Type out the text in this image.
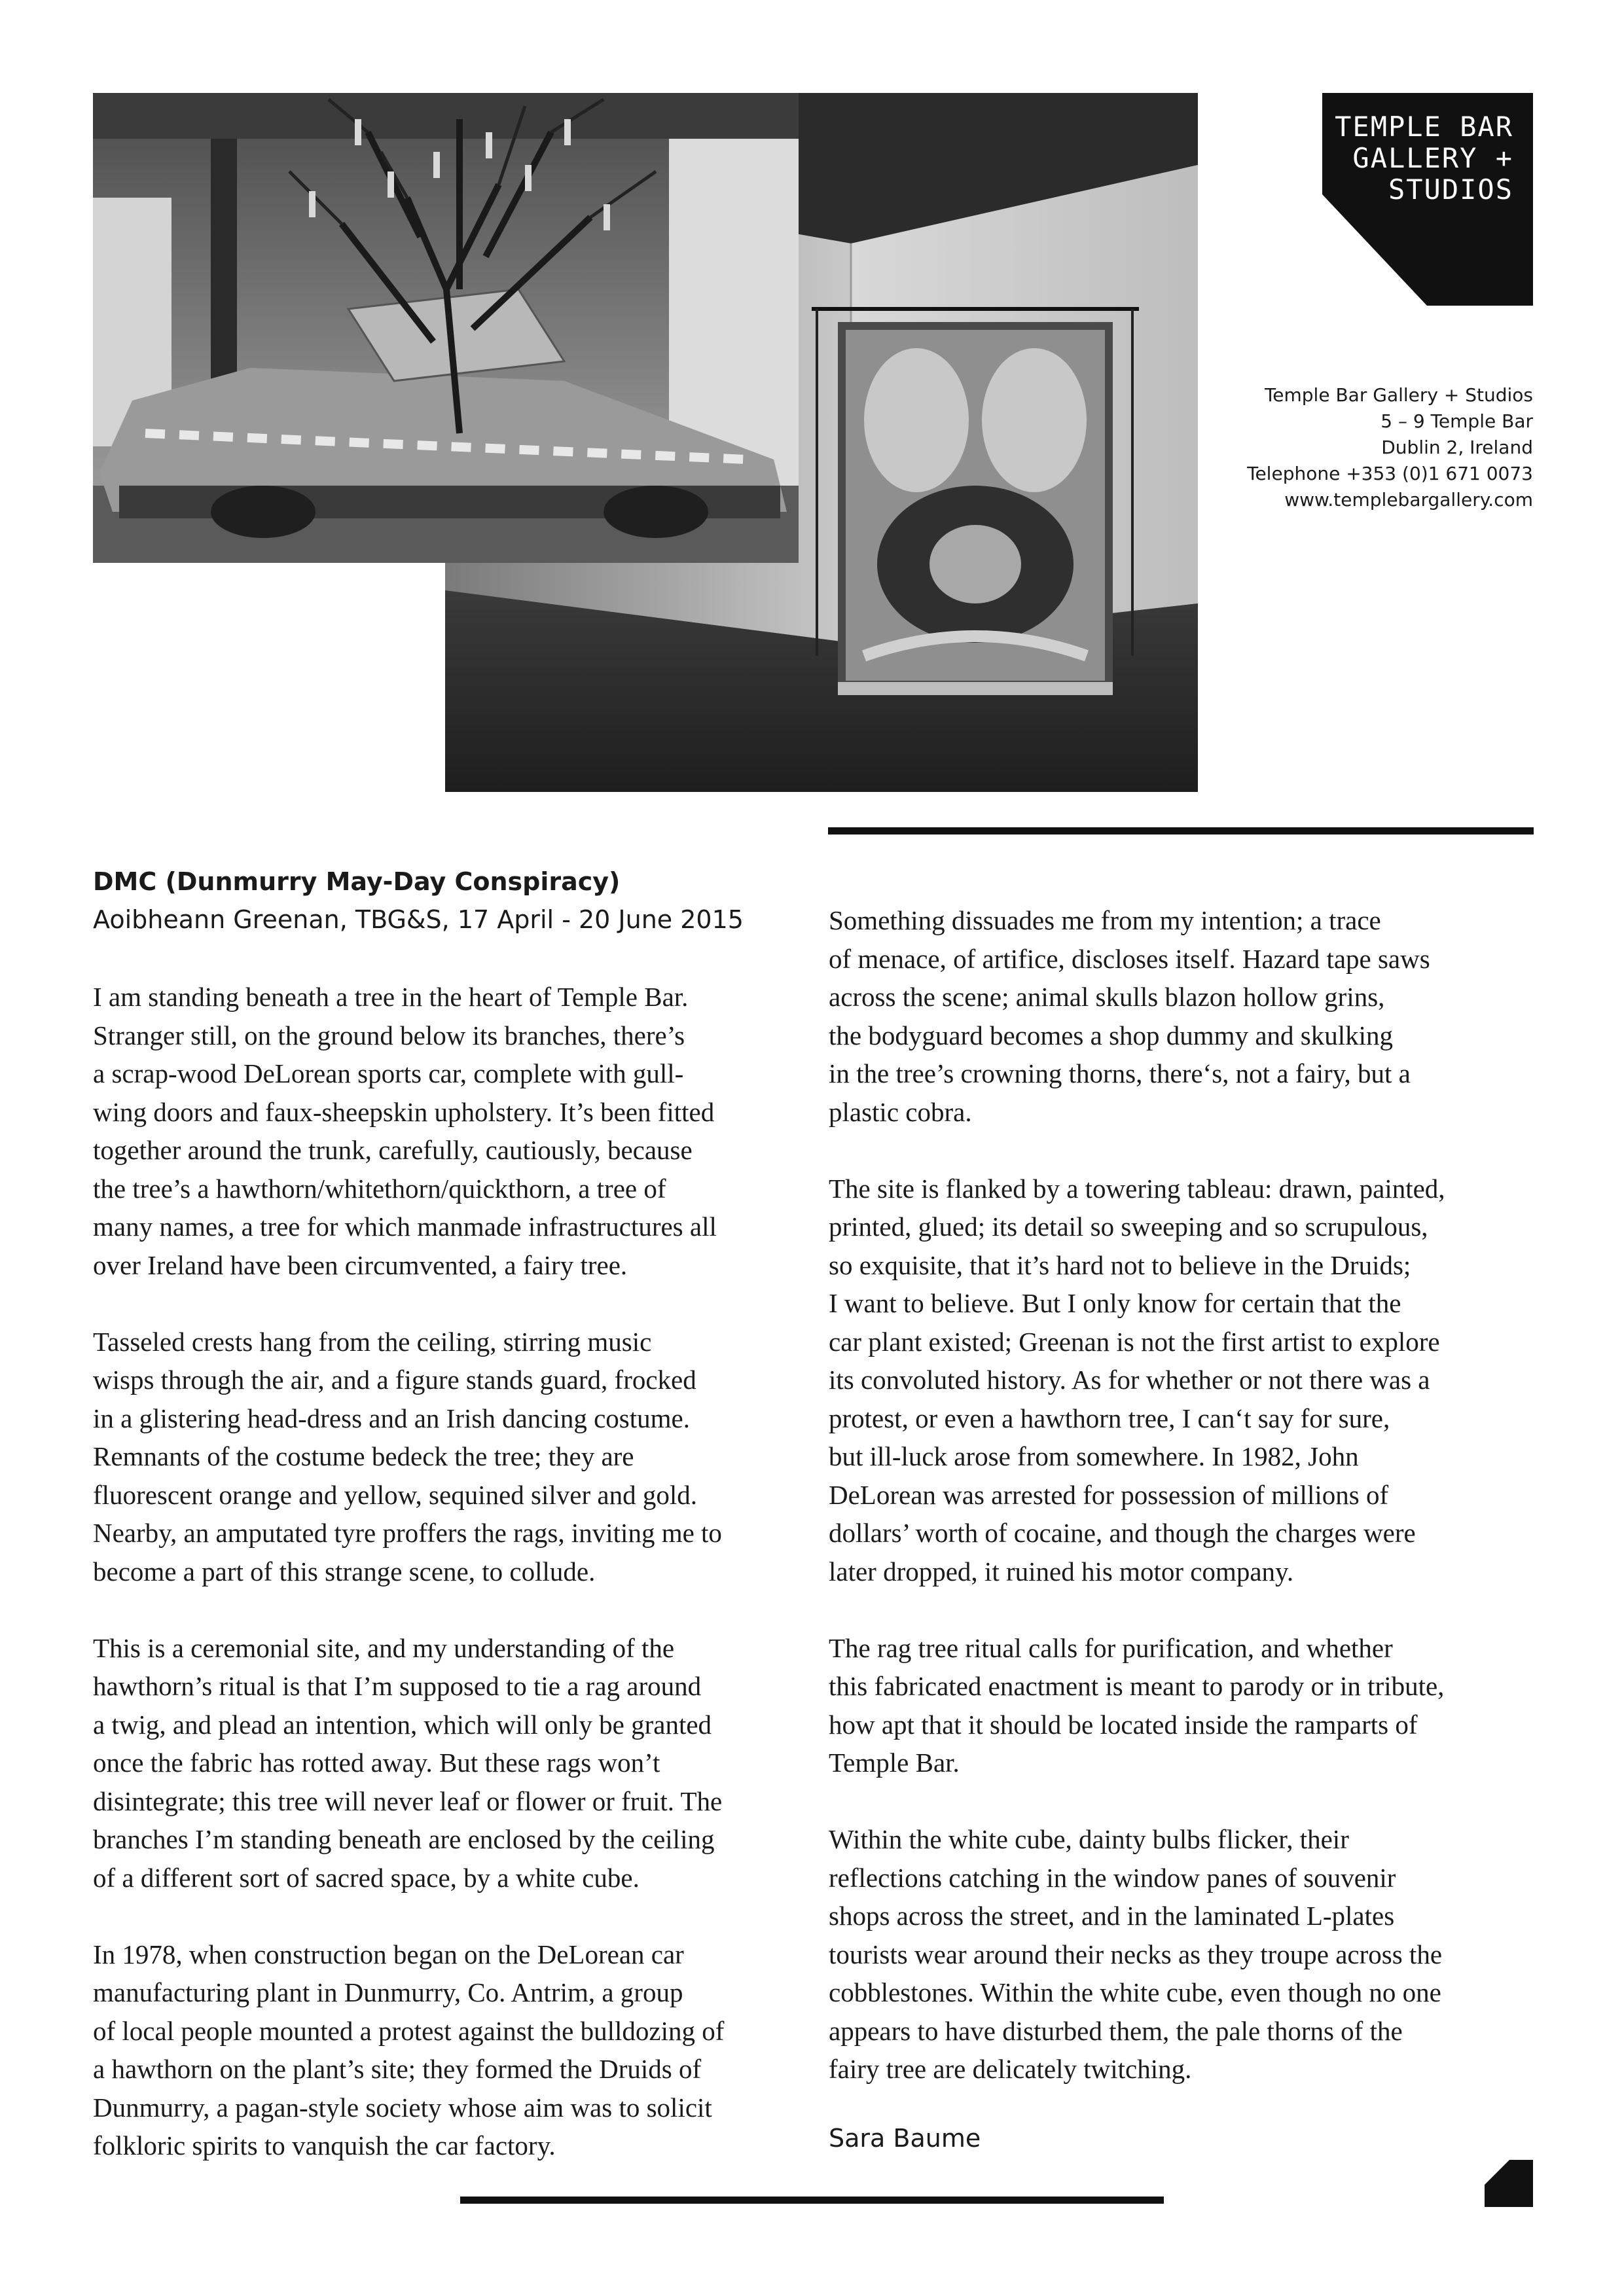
TEMPLE BAR
GALLERY +
STUDIOS
Temple Bar Gallery + Studios
5 – 9 Temple Bar
Dublin 2, Ireland
Telephone +353 (0)1 671 0073
www.templebargallery.com
DMC (Dunmurry May-Day Conspiracy)
Aoibheann Greenan, TBG&S, 17 April - 20 June 2015

I am standing beneath a tree in the heart of Temple Bar.
Stranger still, on the ground below its branches, there’s
a scrap-wood DeLorean sports car, complete with gull-
wing doors and faux-sheepskin upholstery. It’s been fitted
together around the trunk, carefully, cautiously, because
the tree’s a hawthorn/whitethorn/quickthorn, a tree of
many names, a tree for which manmade infrastructures all
over Ireland have been circumvented, a fairy tree.

Tasseled crests hang from the ceiling, stirring music
wisps through the air, and a figure stands guard, frocked
in a glistering head-dress and an Irish dancing costume.
Remnants of the costume bedeck the tree; they are
fluorescent orange and yellow, sequined silver and gold.
Nearby, an amputated tyre proffers the rags, inviting me to
become a part of this strange scene, to collude.

This is a ceremonial site, and my understanding of the
hawthorn’s ritual is that I’m supposed to tie a rag around
a twig, and plead an intention, which will only be granted
once the fabric has rotted away. But these rags won’t
disintegrate; this tree will never leaf or flower or fruit. The
branches I’m standing beneath are enclosed by the ceiling
of a different sort of sacred space, by a white cube.

In 1978, when construction began on the DeLorean car
manufacturing plant in Dunmurry, Co. Antrim, a group
of local people mounted a protest against the bulldozing of
a hawthorn on the plant’s site; they formed the Druids of
Dunmurry, a pagan-style society whose aim was to solicit
folkloric spirits to vanquish the car factory.

Something dissuades me from my intention; a trace
of menace, of artifice, discloses itself. Hazard tape saws
across the scene; animal skulls blazon hollow grins,
the bodyguard becomes a shop dummy and skulking
in the tree’s crowning thorns, there‘s, not a fairy, but a
plastic cobra.

The site is flanked by a towering tableau: drawn, painted,
printed, glued; its detail so sweeping and so scrupulous,
so exquisite, that it’s hard not to believe in the Druids;
I want to believe. But I only know for certain that the
car plant existed; Greenan is not the first artist to explore
its convoluted history. As for whether or not there was a
protest, or even a hawthorn tree, I can‘t say for sure,
but ill-luck arose from somewhere. In 1982, John
DeLorean was arrested for possession of millions of
dollars’ worth of cocaine, and though the charges were
later dropped, it ruined his motor company.

The rag tree ritual calls for purification, and whether
this fabricated enactment is meant to parody or in tribute,
how apt that it should be located inside the ramparts of
Temple Bar.

Within the white cube, dainty bulbs flicker, their
reflections catching in the window panes of souvenir
shops across the street, and in the laminated L-plates
tourists wear around their necks as they troupe across the
cobblestones. Within the white cube, even though no one
appears to have disturbed them, the pale thorns of the
fairy tree are delicately twitching.

Sara Baume
